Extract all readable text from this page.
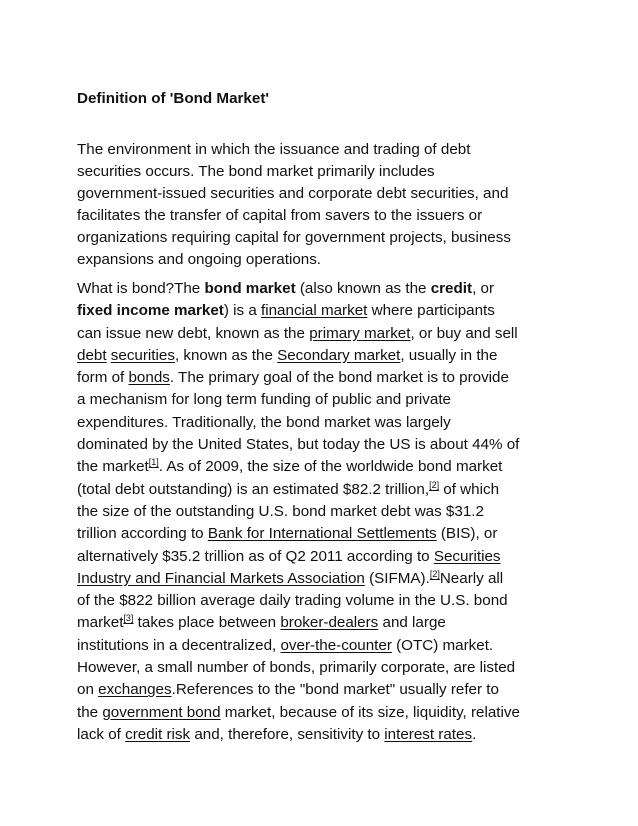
Definition of 'Bond Market'

The environment in which the issuance and trading of debt
securities occurs. The bond market primarily includes
government-issued securities and corporate debt securities, and
facilitates the transfer of capital from savers to the issuers or
organizations requiring capital for government projects, business
expansions and ongoing operations.

What is bond?The bond market (also known as the credit, or
fixed income market) is a financial market where participants
can issue new debt, known as the primary market, or buy and sell
debt securities, known as the Secondary market, usually in the
form of bonds. The primary goal of the bond market is to provide
a mechanism for long term funding of public and private
expenditures. Traditionally, the bond market was largely
dominated by the United States, but today the US is about 44% of
the market[1]. As of 2009, the size of the worldwide bond market
(total debt outstanding) is an estimated $82.2 trillion,[2] of which
the size of the outstanding U.S. bond market debt was $31.2
trillion according to Bank for International Settlements (BIS), or
alternatively $35.2 trillion as of Q2 2011 according to Securities
Industry and Financial Markets Association (SIFMA).[2]Nearly all
of the $822 billion average daily trading volume in the U.S. bond
market[3] takes place between broker-dealers and large
institutions in a decentralized, over-the-counter (OTC) market.
However, a small number of bonds, primarily corporate, are listed
on exchanges.References to the "bond market" usually refer to
the government bond market, because of its size, liquidity, relative
lack of credit risk and, therefore, sensitivity to interest rates.
